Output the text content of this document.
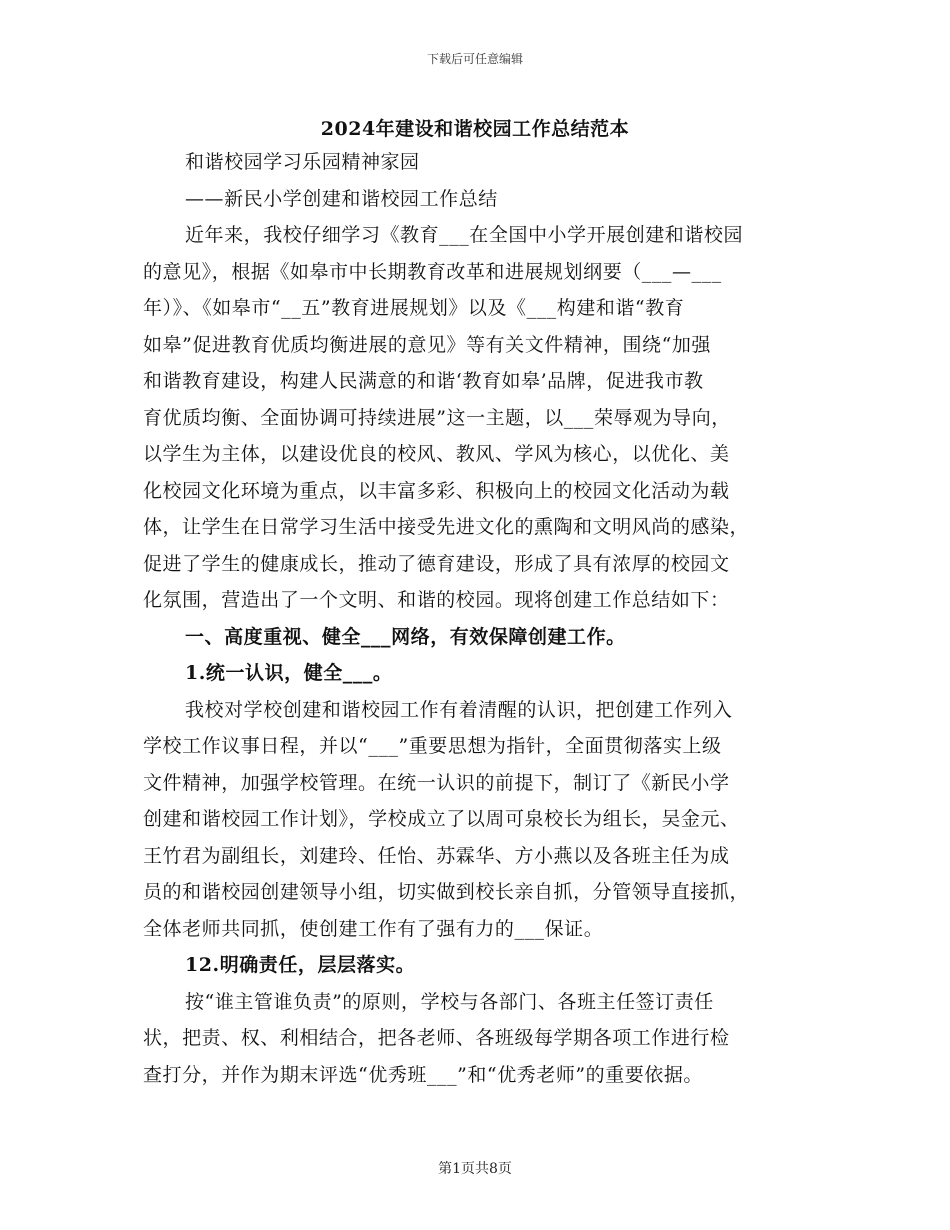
下载后可任意编辑
2024年建设和谐校园工作总结范本
和谐校园学习乐园精神家园
——新民小学创建和谐校园工作总结
近年来，我校仔细学习《教育___在全国中小学开展创建和谐校园
的意见》，根据《如皋市中长期教育改革和进展规划纲要（___—___
年）》、《如皋市“__五”教育进展规划》以及《___构建和谐“教育
如皋”促进教育优质均衡进展的意见》等有关文件精神，围绕“加强
和谐教育建设，构建人民满意的和谐‘教育如皋’品牌，促进我市教
育优质均衡、全面协调可持续进展”这一主题，以___荣辱观为导向，
以学生为主体，以建设优良的校风、教风、学风为核心，以优化、美
化校园文化环境为重点，以丰富多彩、积极向上的校园文化活动为载
体，让学生在日常学习生活中接受先进文化的熏陶和文明风尚的感染，
促进了学生的健康成长，推动了德育建设，形成了具有浓厚的校园文
化氛围，营造出了一个文明、和谐的校园。现将创建工作总结如下：
一、高度重视、健全___网络，有效保障创建工作。
1.统一认识，健全___。
我校对学校创建和谐校园工作有着清醒的认识，把创建工作列入
学校工作议事日程，并以“___”重要思想为指针，全面贯彻落实上级
文件精神，加强学校管理。在统一认识的前提下，制订了《新民小学
创建和谐校园工作计划》，学校成立了以周可泉校长为组长，吴金元、
王竹君为副组长，刘建玲、任怡、苏霖华、方小燕以及各班主任为成
员的和谐校园创建领导小组，切实做到校长亲自抓，分管领导直接抓，
全体老师共同抓，使创建工作有了强有力的___保证。
12.明确责任，层层落实。
按“谁主管谁负责”的原则，学校与各部门、各班主任签订责任
状，把责、权、利相结合，把各老师、各班级每学期各项工作进行检
查打分，并作为期末评选“优秀班___”和“优秀老师”的重要依据。
第1页共8页
